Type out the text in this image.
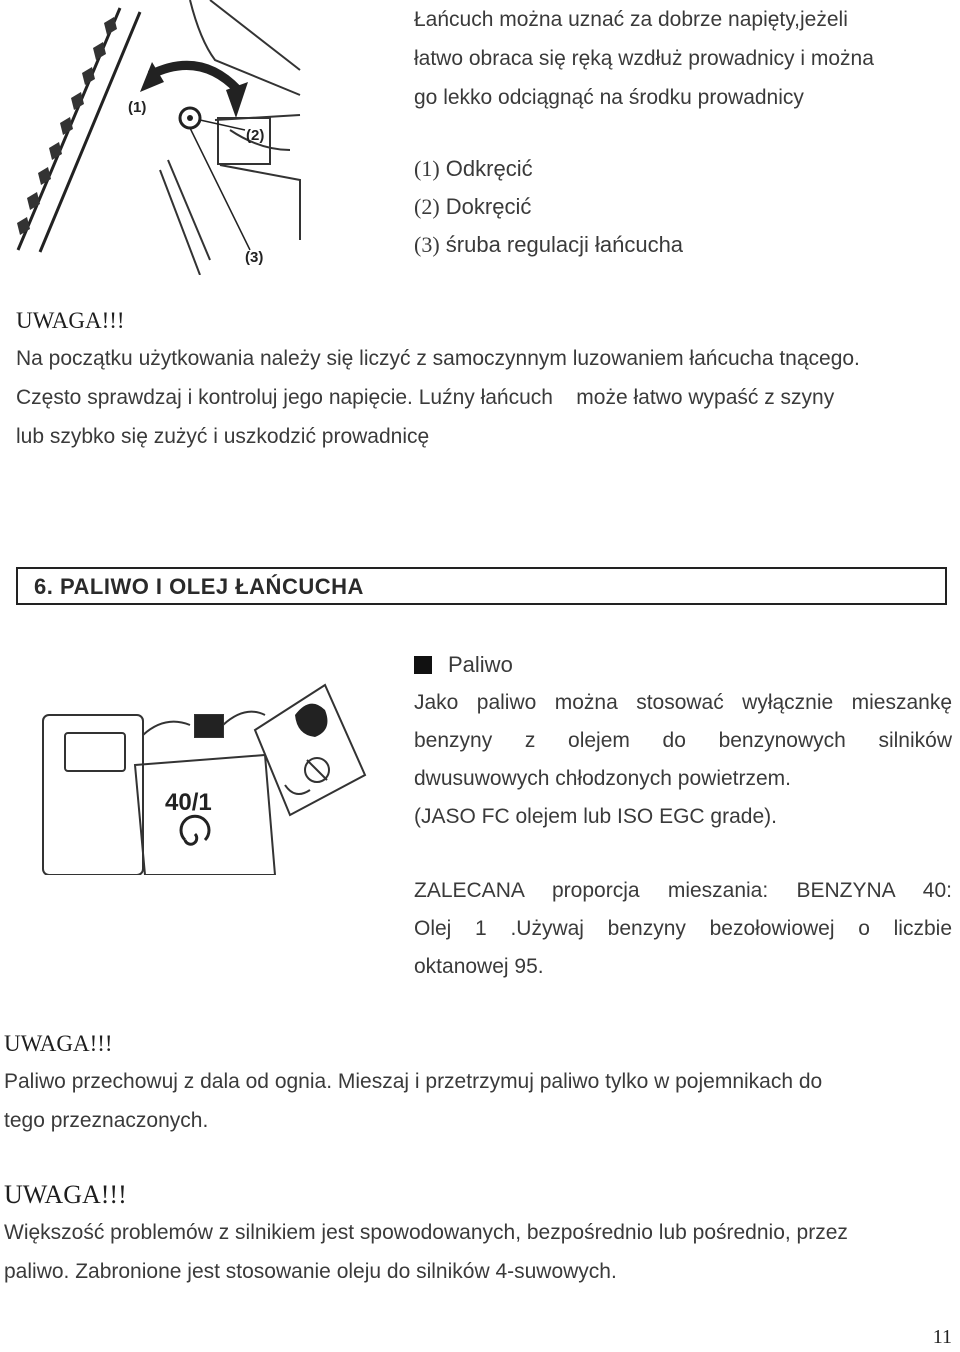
(1)
(2)
(3)
Łańcuch można uznać za dobrze napięty,jeżeli
łatwo obraca się ręką wzdłuż prowadnicy i można
go lekko odciągnąć na środku prowadnicy
(1) Odkręcić
(2) Dokręcić
(3) śruba regulacji łańcucha
UWAGA!!!
Na początku użytkowania należy się liczyć z samoczynnym luzowaniem łańcucha tnącego.
Często sprawdzaj i kontroluj jego napięcie. Luźny łańcuch    może łatwo wypaść z szyny
lub szybko się zużyć i uszkodzić prowadnicę
6. PALIWO I OLEJ ŁAŃCUCHA
40/1
Paliwo
Jako paliwo można stosować wyłącznie mieszankę
benzyny z olejem do benzynowych silników
dwusuwowych chłodzonych powietrzem.
(JASO FC olejem lub ISO EGC grade).
ZALECANA proporcja mieszania: BENZYNA 40:
Olej 1 .Używaj benzyny bezołowiowej o liczbie
oktanowej 95.
UWAGA!!!
Paliwo przechowuj z dala od ognia. Mieszaj i przetrzymuj paliwo tylko w pojemnikach do
tego przeznaczonych.
UWAGA!!!
Większość problemów z silnikiem jest spowodowanych, bezpośrednio lub pośrednio, przez
paliwo. Zabronione jest stosowanie oleju do silników 4-suwowych.
11
